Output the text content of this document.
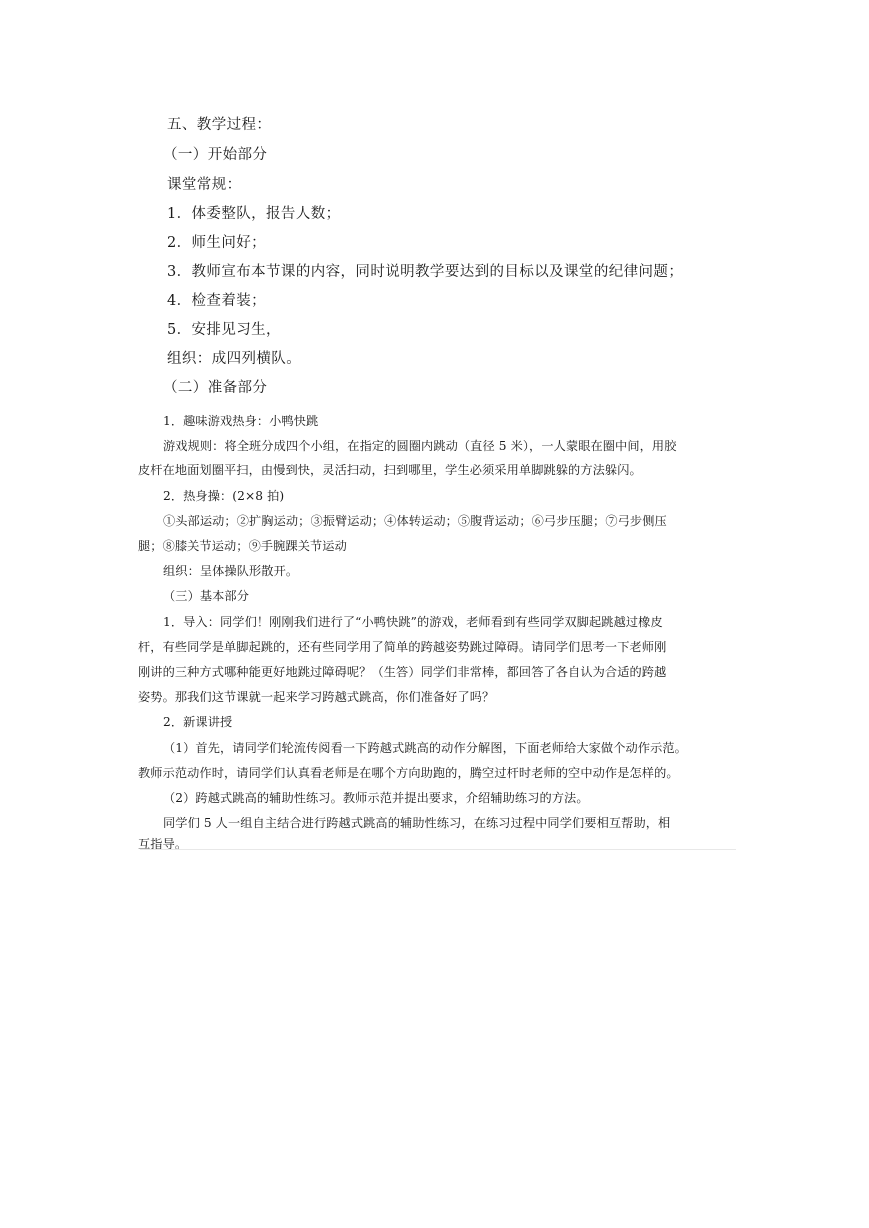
五、教学过程：

（一）开始部分

课堂常规：

1．体委整队，报告人数；

2．师生问好；

3．教师宣布本节课的内容，同时说明教学要达到的目标以及课堂的纪律问题；

4．检查着装；

5．安排见习生，

组织：成四列横队。

（二）准备部分

1．趣味游戏热身：小鸭快跳

游戏规则：将全班分成四个小组，在指定的圆圈内跳动（直径 5 米），一人蒙眼在圈中间，用胶

皮杆在地面划圈平扫，由慢到快，灵活扫动，扫到哪里，学生必须采用单脚跳躲的方法躲闪。

2．热身操：(2×8 拍)

①头部运动；②扩胸运动；③振臂运动；④体转运动；⑤腹背运动；⑥弓步压腿；⑦弓步侧压

腿；⑧膝关节运动；⑨手腕踝关节运动

组织：呈体操队形散开。

（三）基本部分

1．导入：同学们！刚刚我们进行了“小鸭快跳”的游戏，老师看到有些同学双脚起跳越过橡皮

杆，有些同学是单脚起跳的，还有些同学用了简单的跨越姿势跳过障碍。请同学们思考一下老师刚

刚讲的三种方式哪种能更好地跳过障碍呢？（生答）同学们非常棒，都回答了各自认为合适的跨越

姿势。那我们这节课就一起来学习跨越式跳高，你们准备好了吗？

2．新课讲授

（1）首先，请同学们轮流传阅看一下跨越式跳高的动作分解图，下面老师给大家做个动作示范。

教师示范动作时，请同学们认真看老师是在哪个方向助跑的，腾空过杆时老师的空中动作是怎样的。

（2）跨越式跳高的辅助性练习。教师示范并提出要求，介绍辅助练习的方法。

同学们 5 人一组自主结合进行跨越式跳高的辅助性练习，在练习过程中同学们要相互帮助，相

互指导。
